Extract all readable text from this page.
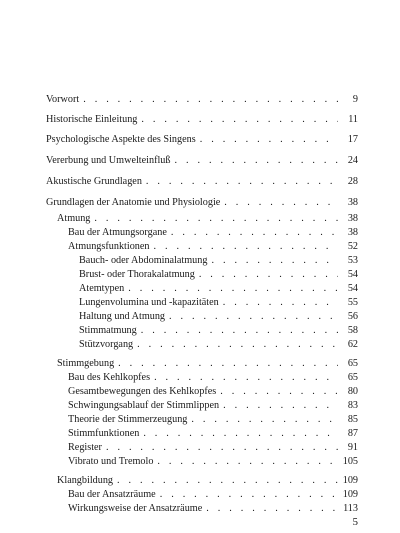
Vorwort . . .	9
Historische Einleitung . . .	11
Psychologische Aspekte des Singens . . .	17
Vererbung und Umwelteinfluß . . .	24
Akustische Grundlagen . . .	28
Grundlagen der Anatomie und Physiologie . . .	38
Atmung . . .	38
Bau der Atmungsorgane . . .	38
Atmungsfunktionen . . .	52
Bauch- oder Abdominalatmung . . .	53
Brust- oder Thorakalatmung . . .	54
Atemtypen . . .	54
Lungenvolumina und -kapazitäten . . .	55
Haltung und Atmung . . .	56
Stimmatmung . . .	58
Stützvorgang . . .	62
Stimmgebung . . .	65
Bau des Kehlkopfes . . .	65
Gesamtbewegungen des Kehlkopfes . . .	80
Schwingungsablauf der Stimmlippen . . .	83
Theorie der Stimmerzeugung . . .	85
Stimmfunktionen . . .	87
Register . . .	91
Vibrato und Tremolo . . .	105
Klangbildung . . .	109
Bau der Ansatzräume . . .	109
Wirkungsweise der Ansatzräume . . .	113
5
